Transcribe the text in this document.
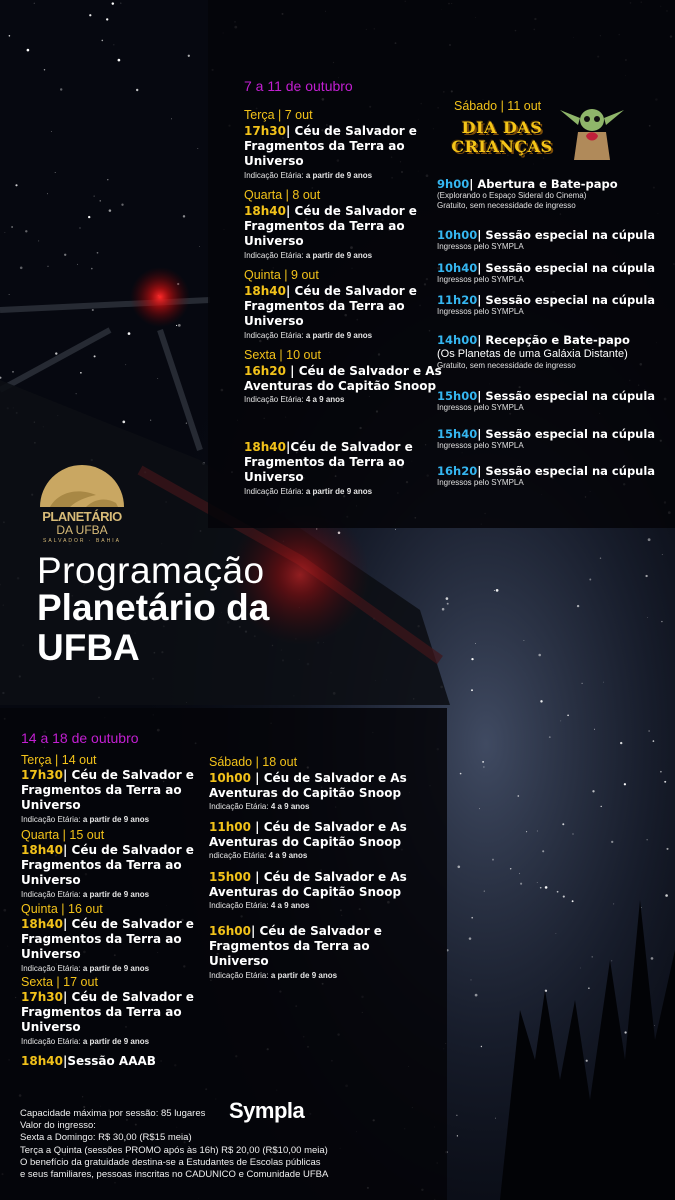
7 a 11 de outubro
Terça | 7 out
17h30| Céu de Salvador e Fragmentos da Terra ao Universo
Indicação Etária: a partir de 9 anos
Quarta | 8 out
18h40| Céu de Salvador e Fragmentos da Terra ao Universo
Indicação Etária: a partir de 9 anos
Quinta | 9 out
18h40| Céu de Salvador e Fragmentos da Terra ao Universo
Indicação Etária: a partir de 9 anos
Sexta | 10 out
16h20 | Céu de Salvador e As Aventuras do Capitão Snoop
Indicação Etária: 4 a 9 anos
18h40|Céu de Salvador e Fragmentos da Terra ao Universo
Indicação Etária: a partir de 9 anos
Sábado | 11 out
DIA DAS CRIANÇAS
9h00| Abertura e Bate-papo
(Explorando o Espaço Sideral do Cinema)
Gratuito, sem necessidade de ingresso
10h00| Sessão especial na cúpula
Ingressos pelo SYMPLA
10h40| Sessão especial na cúpula
Ingressos pelo SYMPLA
11h20| Sessão especial na cúpula
Ingressos pelo SYMPLA
14h00| Recepção e Bate-papo
(Os Planetas de uma Galáxia Distante)
Gratuito, sem necessidade de ingresso
15h00| Sessão especial na cúpula
Ingressos pelo SYMPLA
15h40| Sessão especial na cúpula
Ingressos pelo SYMPLA
16h20| Sessão especial na cúpula
Ingressos pelo SYMPLA
PLANETÁRIO
DA UFBA
SALVADOR · BAHIA
Programação
Planetário da UFBA
14 a 18 de outubro
Terça | 14 out
17h30| Céu de Salvador e Fragmentos da Terra ao Universo
Indicação Etária: a partir de 9 anos
Quarta | 15 out
18h40| Céu de Salvador e Fragmentos da Terra ao Universo
Indicação Etária: a partir de 9 anos
Quinta | 16 out
18h40| Céu de Salvador e Fragmentos da Terra ao Universo
Indicação Etária: a partir de 9 anos
Sexta | 17 out
17h30| Céu de Salvador e Fragmentos da Terra ao Universo
Indicação Etária: a partir de 9 anos
18h40|Sessão AAAB
Sábado | 18 out
10h00 | Céu de Salvador e As Aventuras do Capitão Snoop
Indicação Etária: 4 a 9 anos
11h00 | Céu de Salvador e As Aventuras do Capitão Snoop
ndicação Etária: 4 a 9 anos
15h00 | Céu de Salvador e As Aventuras do Capitão Snoop
Indicação Etária: 4 a 9 anos
16h00| Céu de Salvador e Fragmentos da Terra ao Universo
Indicação Etária: a partir de 9 anos
Capacidade máxima por sessão: 85 lugares
Valor do ingresso:
Sexta a Domingo: R$ 30,00 (R$15 meia)
Terça a Quinta (sessões PROMO após às 16h) R$ 20,00 (R$10,00 meia)
O benefício da gratuidade destina-se a Estudantes de Escolas públicas
e seus familiares, pessoas inscritas no CADUNICO e Comunidade UFBA
Sympla
